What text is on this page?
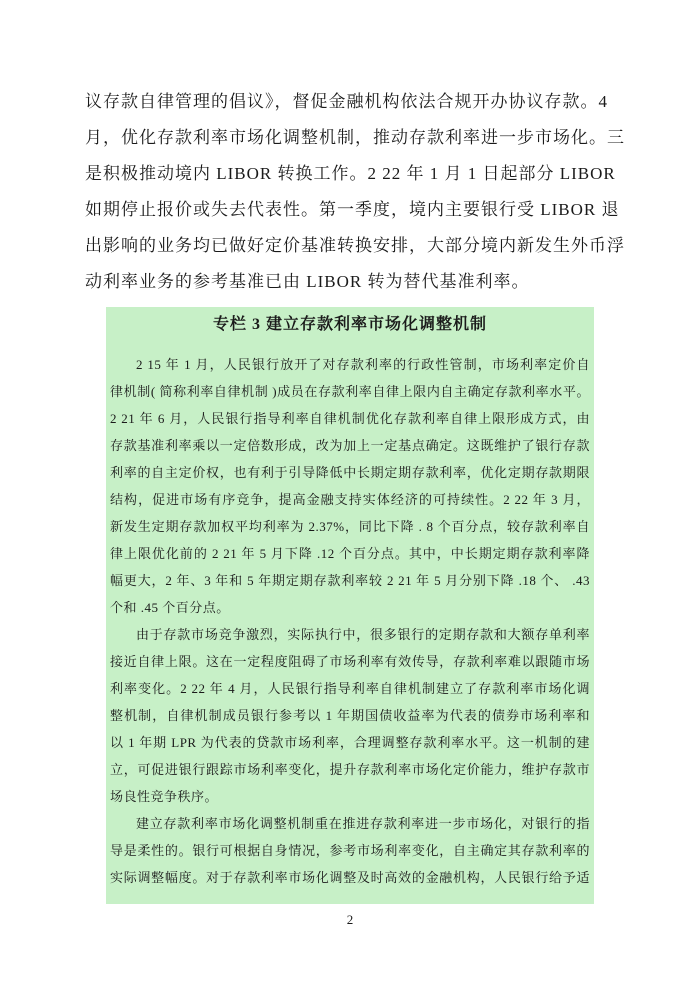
议存款自律管理的倡议》，督促金融机构依法合规开办协议存款。4
月，优化存款利率市场化调整机制，推动存款利率进一步市场化。三
是积极推动境内 LIBOR 转换工作。2 22 年 1 月 1 日起部分 LIBOR
如期停止报价或失去代表性。第一季度，境内主要银行受 LIBOR 退
出影响的业务均已做好定价基准转换安排，大部分境内新发生外币浮
动利率业务的参考基准已由 LIBOR 转为替代基准利率。
专栏 3 建立存款利率市场化调整机制
2 15 年 1 月，人民银行放开了对存款利率的行政性管制，市场利率定价自
律机制( 简称利率自律机制 )成员在存款利率自律上限内自主确定存款利率水平。
2 21 年 6 月，人民银行指导利率自律机制优化存款利率自律上限形成方式，由
存款基准利率乘以一定倍数形成，改为加上一定基点确定。这既维护了银行存款
利率的自主定价权，也有利于引导降低中长期定期存款利率，优化定期存款期限
结构，促进市场有序竞争，提高金融支持实体经济的可持续性。2 22 年 3 月，
新发生定期存款加权平均利率为 2.37%，同比下降 . 8 个百分点，较存款利率自
律上限优化前的 2 21 年 5 月下降 .12 个百分点。其中，中长期定期存款利率降
幅更大，2 年、3 年和 5 年期定期存款利率较 2 21 年 5 月分别下降 .18 个、 .43
个和 .45 个百分点。
由于存款市场竞争激烈，实际执行中，很多银行的定期存款和大额存单利率
接近自律上限。这在一定程度阻碍了市场利率有效传导，存款利率难以跟随市场
利率变化。2 22 年 4 月，人民银行指导利率自律机制建立了存款利率市场化调
整机制，自律机制成员银行参考以 1 年期国债收益率为代表的债券市场利率和
以 1 年期 LPR 为代表的贷款市场利率，合理调整存款利率水平。这一机制的建
立，可促进银行跟踪市场利率变化，提升存款利率市场化定价能力，维护存款市
场良性竞争秩序。
建立存款利率市场化调整机制重在推进存款利率进一步市场化，对银行的指
导是柔性的。银行可根据自身情况，参考市场利率变化，自主确定其存款利率的
实际调整幅度。对于存款利率市场化调整及时高效的金融机构，人民银行给予适
2
